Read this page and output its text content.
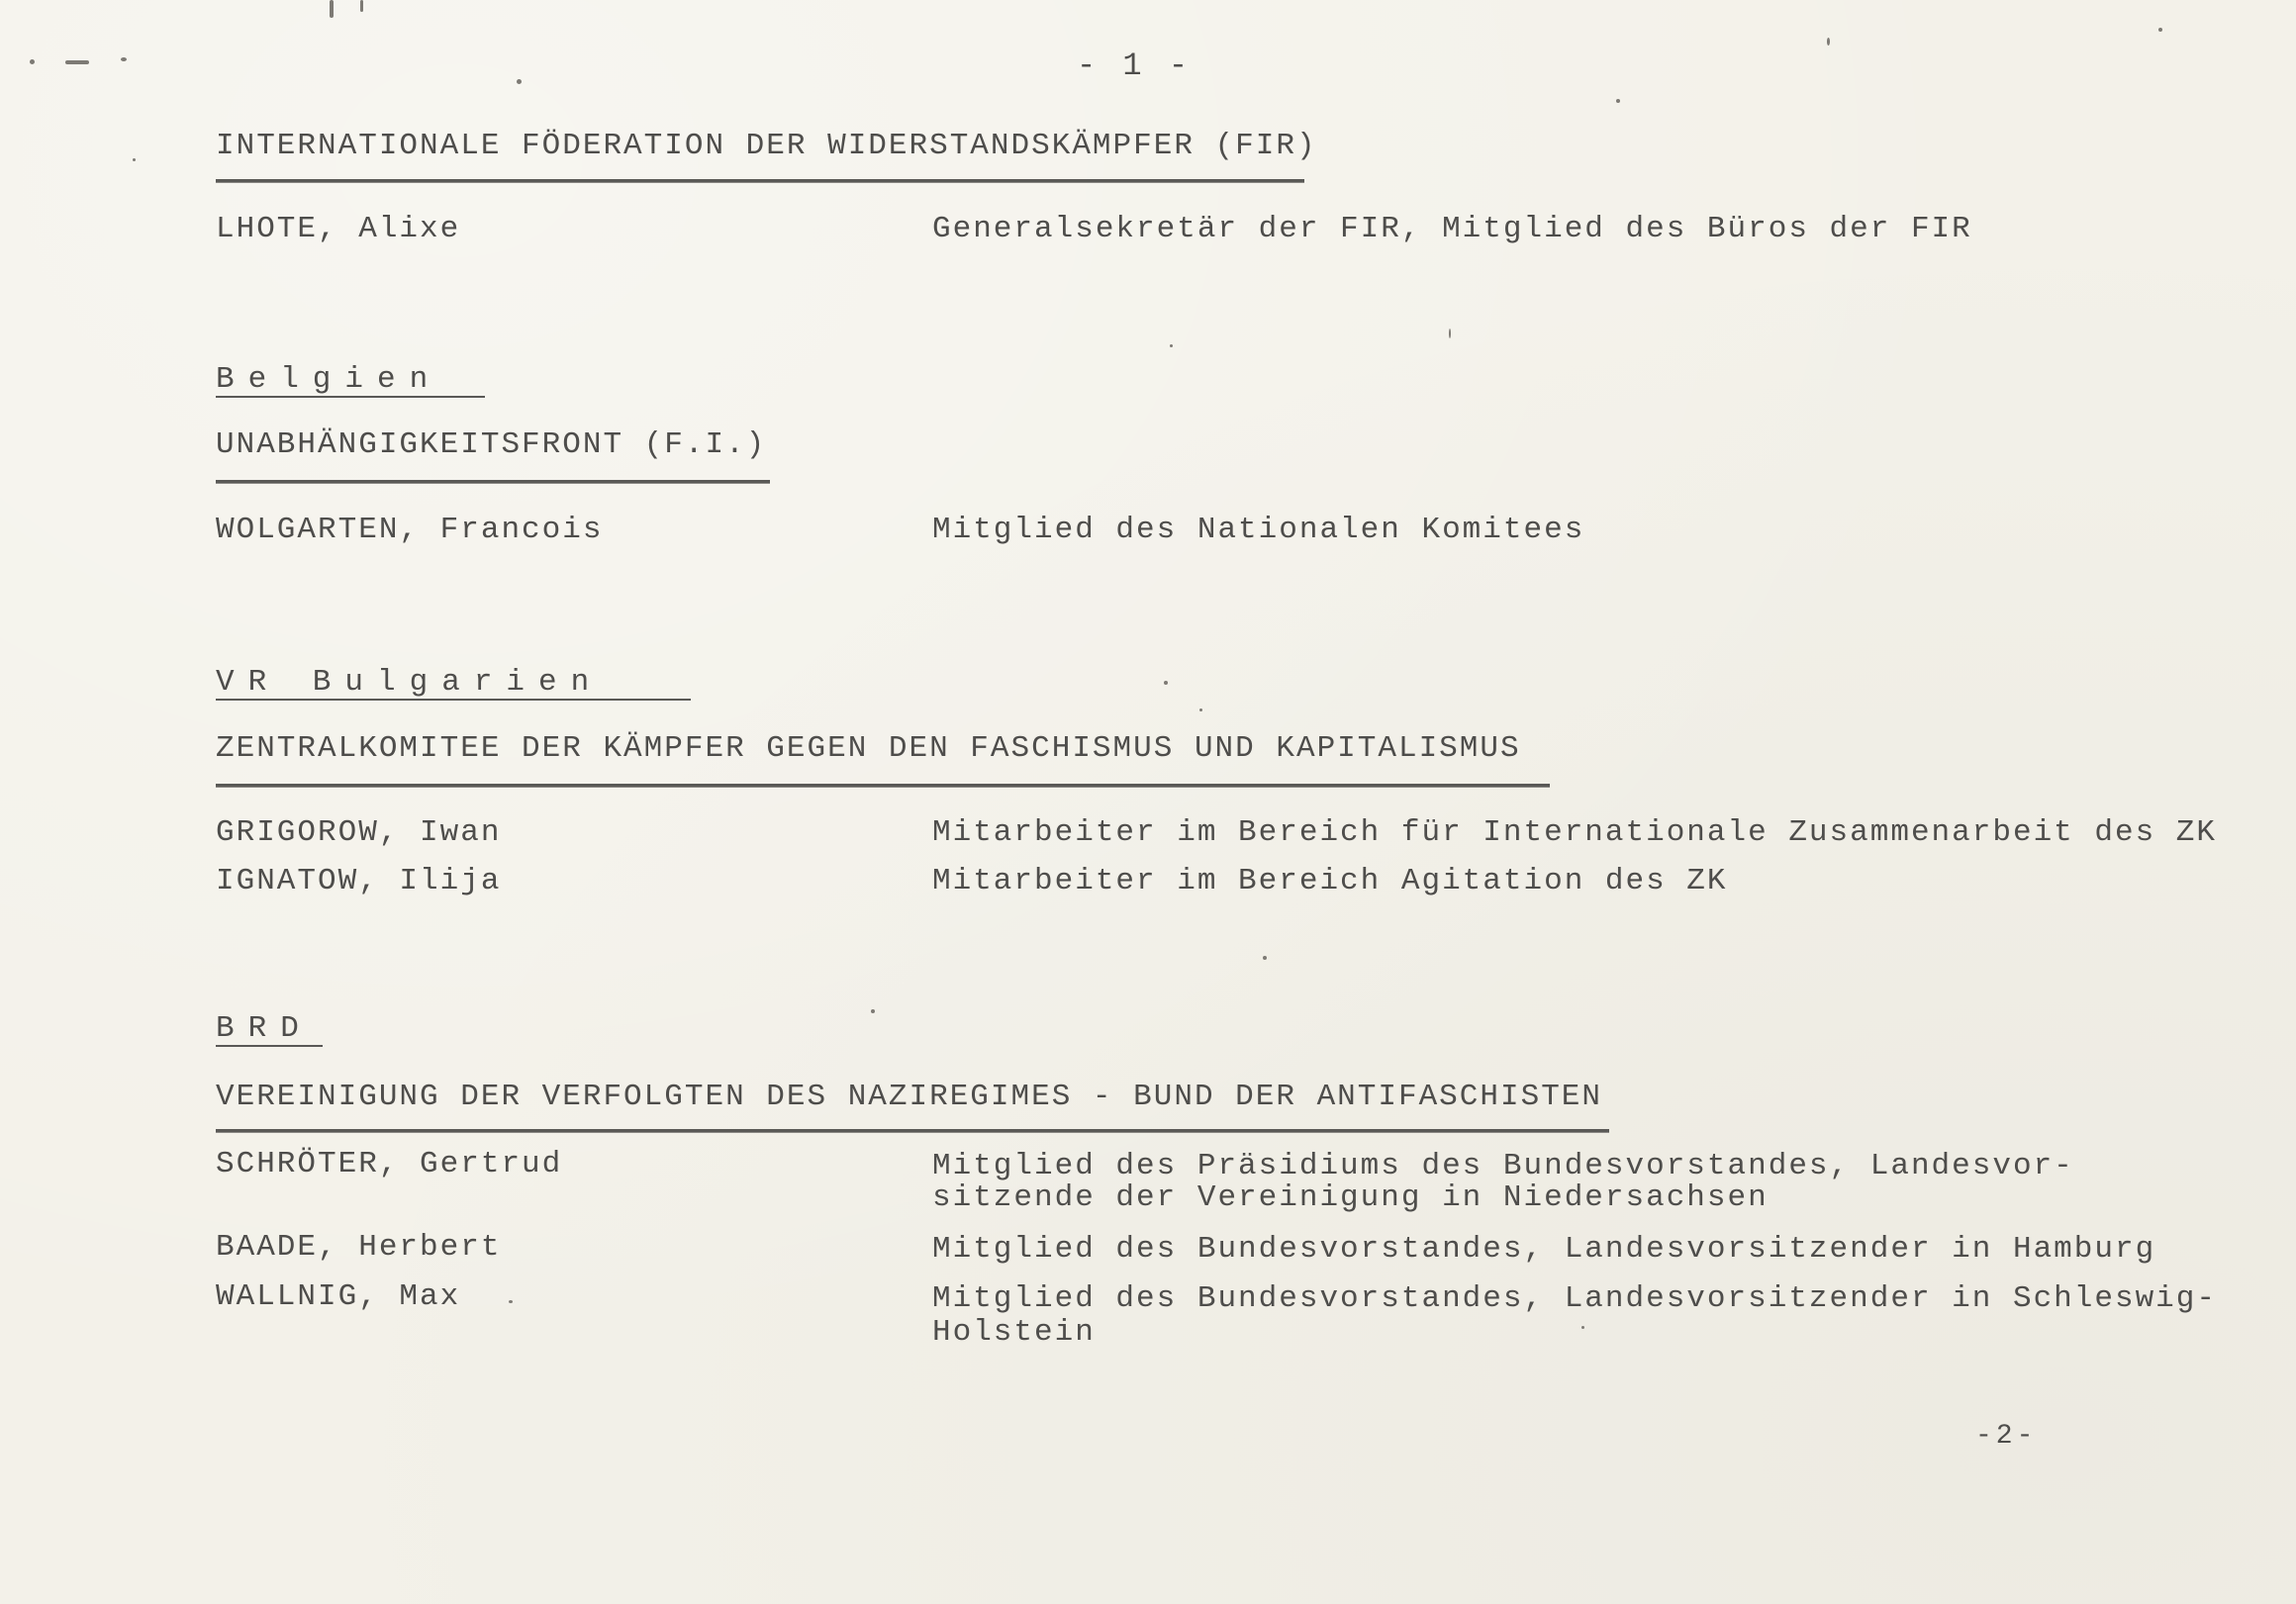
- 1 -
INTERNATIONALE FÖDERATION DER WIDERSTANDSKÄMPFER (FIR)
LHOTE, Alixe	Generalsekretär der FIR, Mitglied des Büros der FIR
Belgien
UNABHÄNGIGKEITSFRONT (F.I.)
WOLGARTEN, Francois	Mitglied des Nationalen Komitees
VR Bulgarien
ZENTRALKOMITEE DER KÄMPFER GEGEN DEN FASCHISMUS UND KAPITALISMUS
GRIGOROW, Iwan	Mitarbeiter im Bereich für Internationale Zusammenarbeit des ZK
IGNATOW, Ilija	Mitarbeiter im Bereich Agitation des ZK
BRD
VEREINIGUNG DER VERFOLGTEN DES NAZIREGIMES - BUND DER ANTIFASCHISTEN
SCHRÖTER, Gertrud	Mitglied des Präsidiums des Bundesvorstandes, Landesvor-
sitzende der Vereinigung in Niedersachsen
BAADE, Herbert	Mitglied des Bundesvorstandes, Landesvorsitzender in Hamburg
WALLNIG, Max	Mitglied des Bundesvorstandes, Landesvorsitzender in Schleswig-
Holstein
-2-
